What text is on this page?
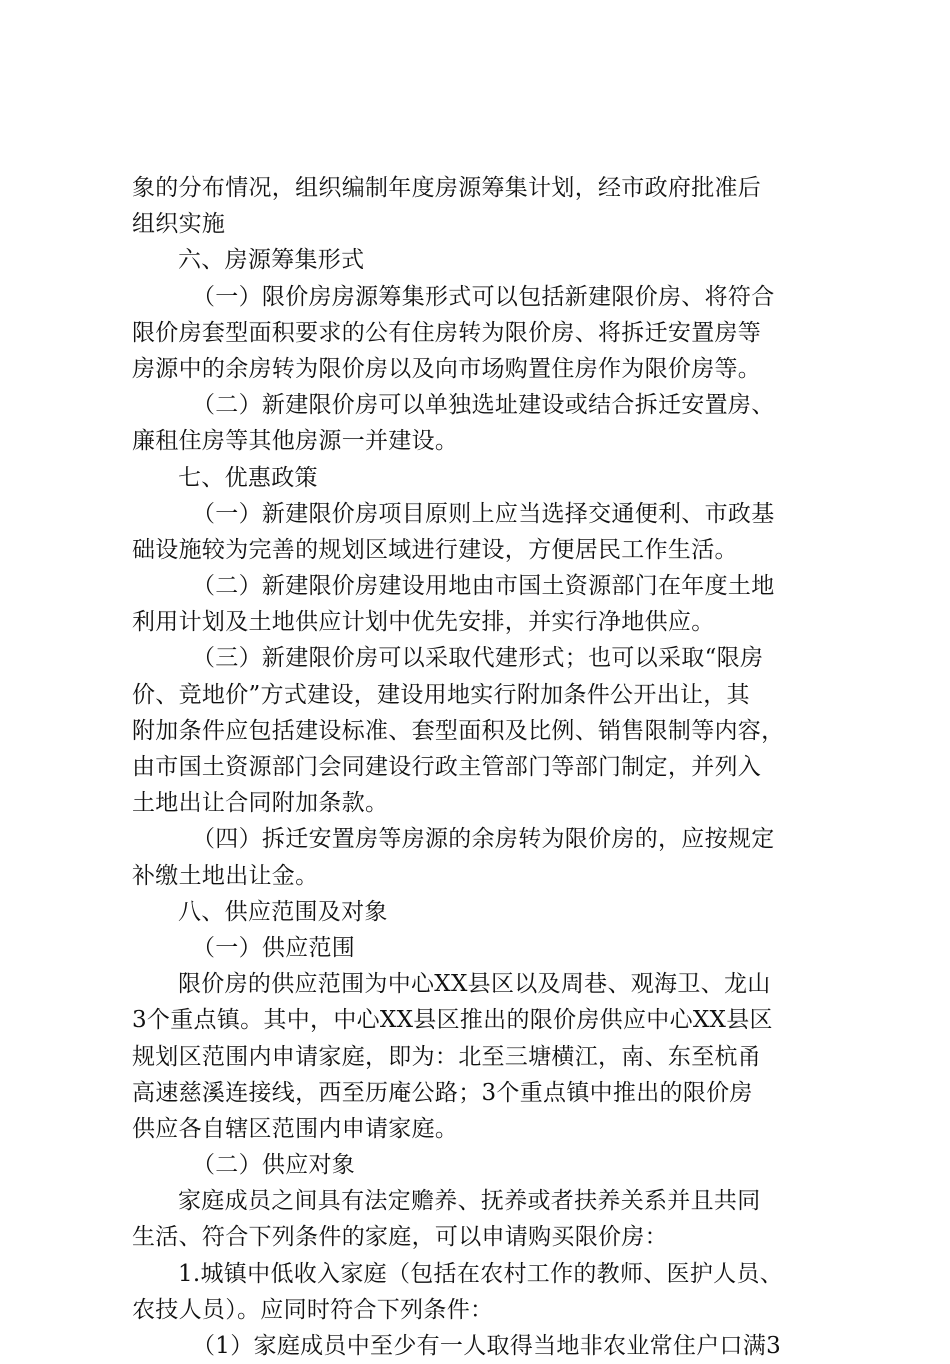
象的分布情况，组织编制年度房源筹集计划，经市政府批准后
组织实施
六、房源筹集形式
（一）限价房房源筹集形式可以包括新建限价房、将符合
限价房套型面积要求的公有住房转为限价房、将拆迁安置房等
房源中的余房转为限价房以及向市场购置住房作为限价房等。
（二）新建限价房可以单独选址建设或结合拆迁安置房、
廉租住房等其他房源一并建设。
七、优惠政策
（一）新建限价房项目原则上应当选择交通便利、市政基
础设施较为完善的规划区域进行建设，方便居民工作生活。
（二）新建限价房建设用地由市国土资源部门在年度土地
利用计划及土地供应计划中优先安排，并实行净地供应。
（三）新建限价房可以采取代建形式；也可以采取“限房
价、竞地价”方式建设，建设用地实行附加条件公开出让，其
附加条件应包括建设标准、套型面积及比例、销售限制等内容，
由市国土资源部门会同建设行政主管部门等部门制定，并列入
土地出让合同附加条款。
（四）拆迁安置房等房源的余房转为限价房的，应按规定
补缴土地出让金。
八、供应范围及对象
（一）供应范围
限价房的供应范围为中心XX县区以及周巷、观海卫、龙山
3个重点镇。其中，中心XX县区推出的限价房供应中心XX县区
规划区范围内申请家庭，即为：北至三塘横江，南、东至杭甬
高速慈溪连接线，西至历庵公路；3个重点镇中推出的限价房
供应各自辖区范围内申请家庭。
（二）供应对象
家庭成员之间具有法定赡养、抚养或者扶养关系并且共同
生活、符合下列条件的家庭，可以申请购买限价房：
1.城镇中低收入家庭（包括在农村工作的教师、医护人员、
农技人员）。应同时符合下列条件：
（1）家庭成员中至少有一人取得当地非农业常住户口满3
